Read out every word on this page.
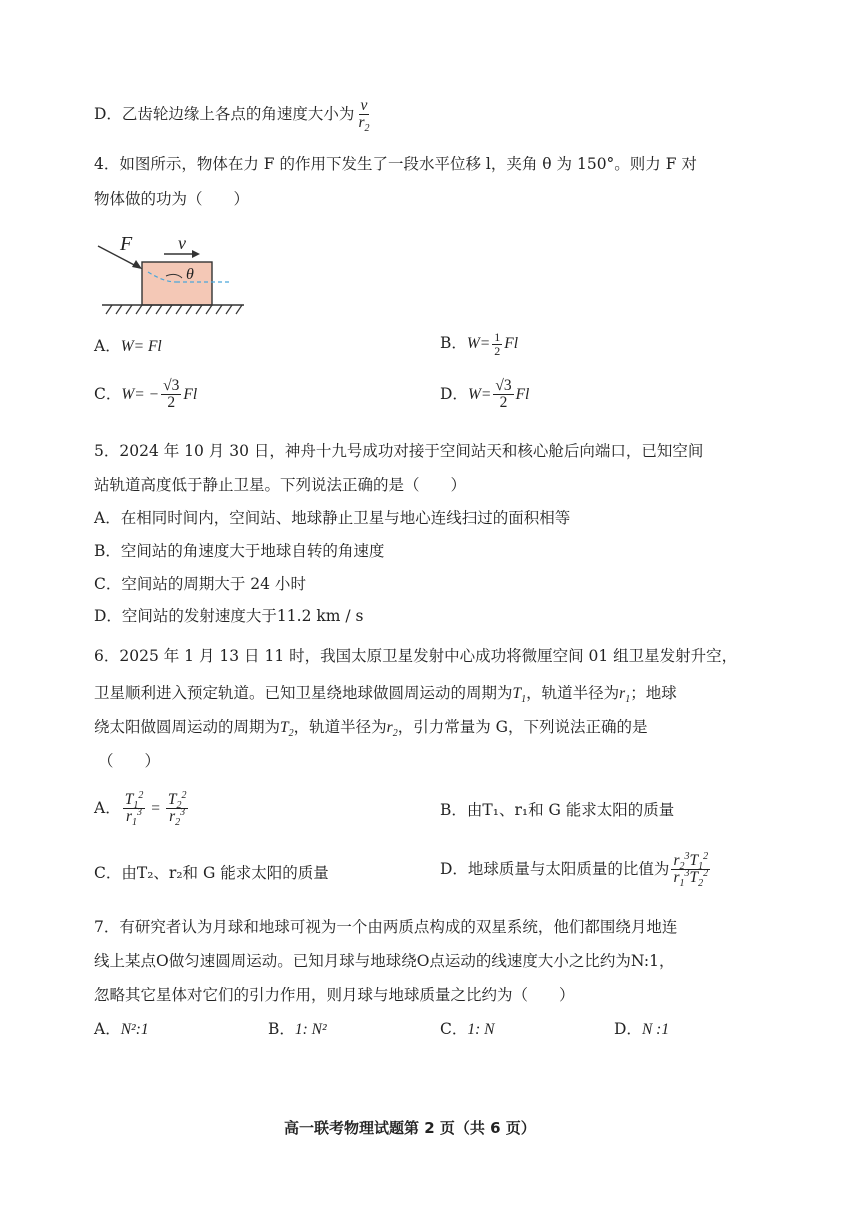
D．乙齿轮边缘上各点的角速度大小为 $\frac{v}{r_2}$
4．如图所示，物体在力 F 的作用下发生了一段水平位移 l，夹角 θ 为 150°。则力 F 对
物体做的功为（　　）
F	v
θ
A．W= Fl	B．$W= \frac{1}{2}$ Fl
C．$W= - \frac{√3}{2}$ Fl	D．$W= \frac{√3}{2}$ Fl
5．2024 年 10 月 30 日，神舟十九号成功对接于空间站天和核心舱后向端口，已知空间
站轨道高度低于静止卫星。下列说法正确的是（　　）
A．在相同时间内，空间站、地球静止卫星与地心连线扫过的面积相等
B．空间站的角速度大于地球自转的角速度
C．空间站的周期大于 24 小时
D．空间站的发射速度大于11.2 km / s
6．2025 年 1 月 13 日 11 时，我国太原卫星发射中心成功将微厘空间 01 组卫星发射升空，
卫星顺利进入预定轨道。已知卫星绕地球做圆周运动的周期为$T_1$，轨道半径为$r_1$；地球
绕太阳做圆周运动的周期为$T_2$，轨道半径为$r_2$，引力常量为 G，下列说法正确的是
（　　）
A． $\frac{T_1^2}{r_1^3} = \frac{T_2^2}{r_2^3}$	B．由T₁、r₁和 G 能求太阳的质量
C．由T₂、r₂和 G 能求太阳的质量	D．地球质量与太阳质量的比值为 $\frac{r_2^3T_1^2}{r_1^3T_2^2}$
7．有研究者认为月球和地球可视为一个由两质点构成的双星系统，他们都围绕月地连
线上某点O做匀速圆周运动。已知月球与地球绕O点运动的线速度大小之比约为N:1，
忽略其它星体对它们的引力作用，则月球与地球质量之比约为（　　）
A．N²:1	B．1: N²	C．1: N	D．N :1
高一联考物理试题第 2 页（共 6 页）
